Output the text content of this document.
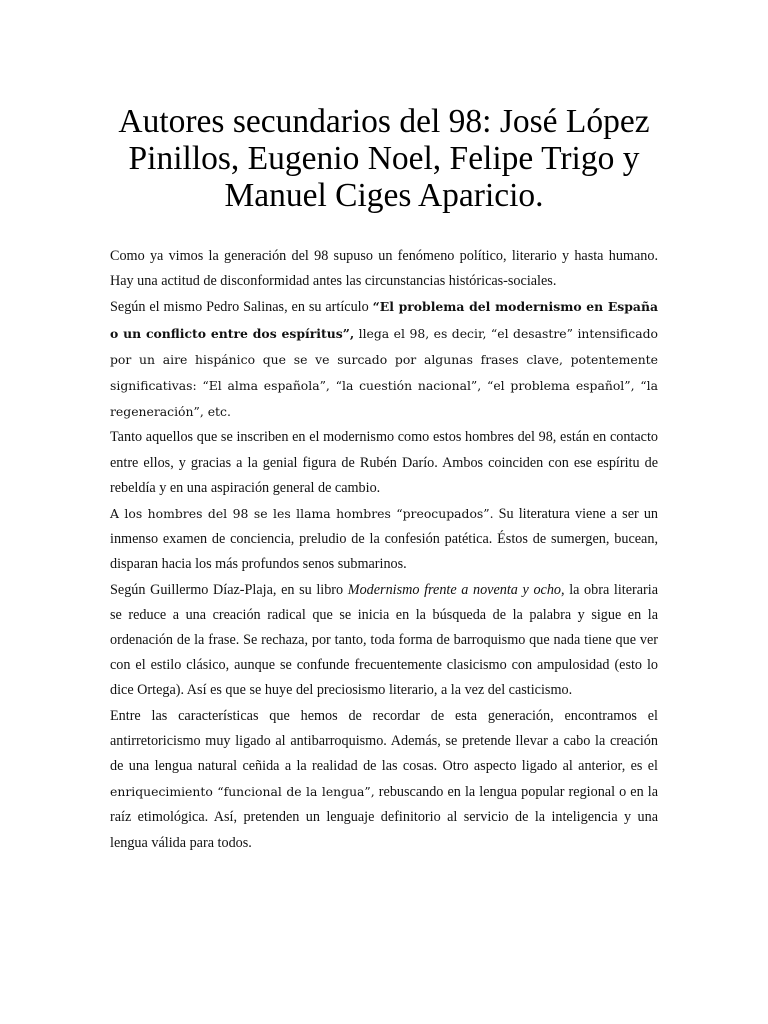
Autores secundarios del 98: José López Pinillos, Eugenio Noel, Felipe Trigo y Manuel Ciges Aparicio.

Como ya vimos la generación del 98 supuso un fenómeno político, literario y hasta humano. Hay una actitud de disconformidad antes las circunstancias históricas-sociales.

Según el mismo Pedro Salinas, en su artículo “El problema del modernismo en España o un conflicto entre dos espíritus”, llega el 98, es decir, “el desastre” intensificado por un aire hispánico que se ve surcado por algunas frases clave, potentemente significativas: “El alma española”, “la cuestión nacional”, “el problema español”, “la regeneración”, etc.

Tanto aquellos que se inscriben en el modernismo como estos hombres del 98, están en contacto entre ellos, y gracias a la genial figura de Rubén Darío. Ambos coinciden con ese espíritu de rebeldía y en una aspiración general de cambio.

A los hombres del 98 se les llama hombres “preocupados”. Su literatura viene a ser un inmenso examen de conciencia, preludio de la confesión patética. Éstos de sumergen, bucean, disparan hacia los más profundos senos submarinos.

Según Guillermo Díaz-Plaja, en su libro Modernismo frente a noventa y ocho, la obra literaria se reduce a una creación radical que se inicia en la búsqueda de la palabra y sigue en la ordenación de la frase. Se rechaza, por tanto, toda forma de barroquismo que nada tiene que ver con el estilo clásico, aunque se confunde frecuentemente clasicismo con ampulosidad (esto lo dice Ortega). Así es que se huye del preciosismo literario, a la vez del casticismo.

Entre las características que hemos de recordar de esta generación, encontramos el antirretoricismo muy ligado al antibarroquismo. Además, se pretende llevar a cabo la creación de una lengua natural ceñida a la realidad de las cosas. Otro aspecto ligado al anterior, es el enriquecimiento “funcional de la lengua”, rebuscando en la lengua popular regional o en la raíz etimológica. Así, pretenden un lenguaje definitorio al servicio de la inteligencia y una lengua válida para todos.
